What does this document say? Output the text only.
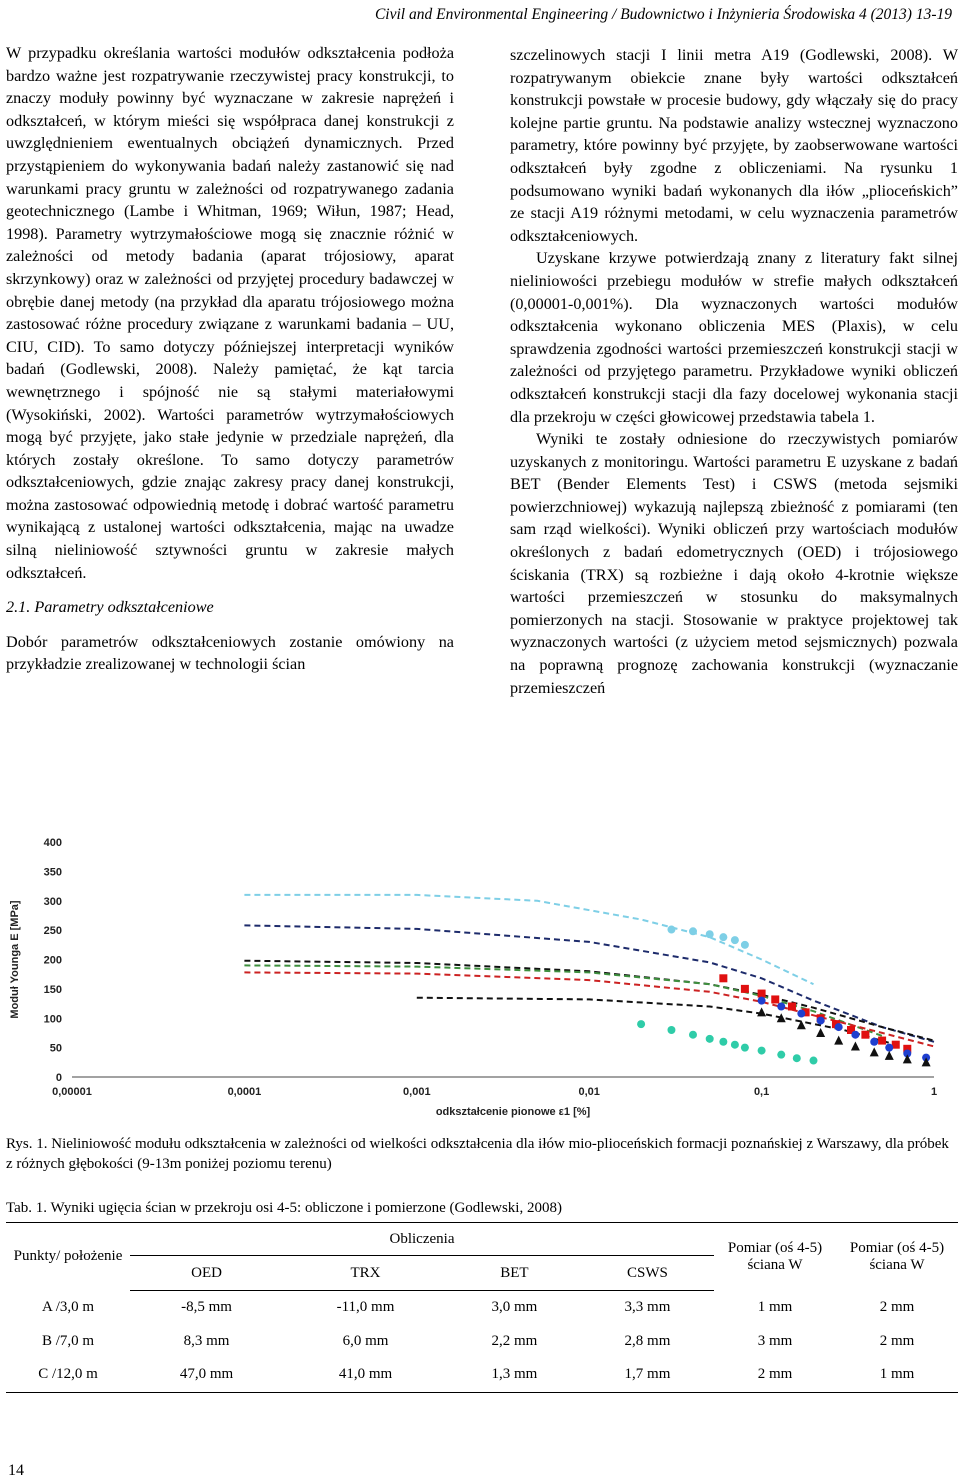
Civil and Environmental Engineering / Budownictwo i Inżynieria Środowiska 4 (2013) 13-19

W przypadku określania wartości modułów odkształcenia podłoża bardzo ważne jest rozpatrywanie rzeczywistej pracy konstrukcji, to znaczy moduły powinny być wyznaczane w zakresie naprężeń i odkształceń, w którym mieści się współpraca danej konstrukcji z uwzględnieniem ewentualnych obciążeń dynamicznych. Przed przystąpieniem do wykonywania badań należy zastanowić się nad warunkami pracy gruntu w zależności od rozpatrywanego zadania geotechnicznego (Lambe i Whitman, 1969; Wiłun, 1987; Head, 1998). Parametry wytrzymałościowe mogą się znacznie różnić w zależności od metody badania (aparat trójosiowy, aparat skrzynkowy) oraz w zależności od przyjętej procedury badawczej w obrębie danej metody (na przykład dla aparatu trójosiowego można zastosować różne procedury związane z warunkami badania – UU, CIU, CID). To samo dotyczy późniejszej interpretacji wyników badań (Godlewski, 2008). Należy pamiętać, że kąt tarcia wewnętrznego i spójność nie są stałymi materiałowymi (Wysokiński, 2002). Wartości parametrów wytrzymałościowych mogą być przyjęte, jako stałe jedynie w przedziale naprężeń, dla których zostały określone. To samo dotyczy parametrów odkształceniowych, gdzie znając zakresy pracy danej konstrukcji, można zastosować odpowiednią metodę i dobrać wartość parametru wynikającą z ustalonej wartości odkształcenia, mając na uwadze silną nieliniowość sztywności gruntu w zakresie małych odkształceń.

2.1. Parametry odkształceniowe

Dobór parametrów odkształceniowych zostanie omówiony na przykładzie zrealizowanej w technologii ścian

szczelinowych stacji I linii metra A19 (Godlewski, 2008). W rozpatrywanym obiekcie znane były wartości odkształceń konstrukcji powstałe w procesie budowy, gdy włączały się do pracy kolejne partie gruntu. Na podstawie analizy wstecznej wyznaczono parametry, które powinny być przyjęte, by zaobserwowane wartości odkształceń były zgodne z obliczeniami. Na rysunku 1 podsumowano wyniki badań wykonanych dla iłów „plioceńskich” ze stacji A19 różnymi metodami, w celu wyznaczenia parametrów odkształceniowych.

Uzyskane krzywe potwierdzają znany z literatury fakt silnej nieliniowości przebiegu modułów w strefie małych odkształceń (0,00001-0,001%). Dla wyznaczonych wartości modułów odkształcenia wykonano obliczenia MES (Plaxis), w celu sprawdzenia zgodności wartości przemieszczeń konstrukcji stacji w zależności od przyjętego parametru. Przykładowe wyniki obliczeń odkształceń konstrukcji stacji dla fazy docelowej wykonania stacji dla przekroju w części głowicowej przedstawia tabela 1.

Wyniki te zostały odniesione do rzeczywistych pomiarów uzyskanych z monitoringu. Wartości parametru E uzyskane z badań BET (Bender Elements Test) i CSWS (metoda sejsmiki powierzchniowej) wykazują najlepszą zbieżność z pomiarami (ten sam rząd wielkości). Wyniki obliczeń przy wartościach modułów określonych z badań edometrycznych (OED) i trójosiowego ściskania (TRX) są rozbieżne i dają około 4-krotnie większe wartości przemieszczeń w stosunku do maksymalnych pomierzonych na stacji. Stosowanie w praktyce projektowej tak wyznaczonych wartości (z użyciem metod sejsmicznych) pozwala na poprawną prognozę zachowania konstrukcji (wyznaczanie przemieszczeń

0
50
100
150
200
250
300
350
400
0,00001	0,0001	0,001	0,01	0,1	1
odkształcenie pionowe ε1 [%]
Moduł Younga E [MPa]
Rys. 1. Nieliniowość modułu odkształcenia w zależności od wielkości odkształcenia dla iłów mio-plioceńskich formacji poznańskiej z Warszawy, dla próbek z różnych głębokości (9-13m poniżej poziomu terenu)
Tab. 1. Wyniki ugięcia ścian w przekroju osi 4-5: obliczone i pomierzone (Godlewski, 2008)
Punkty/ położenie	Obliczenia				Pomiar (oś 4-5) ściana W	Pomiar (oś 4-5) ściana W
	OED	TRX	BET	CSWS		
A /3,0 m	-8,5 mm	-11,0 mm	3,0 mm	3,3 mm	1 mm	2 mm
B /7,0 m	8,3 mm	6,0 mm	2,2 mm	2,8 mm	3 mm	2 mm
C /12,0 m	47,0 mm	41,0 mm	1,3 mm	1,7 mm	2 mm	1 mm
14
